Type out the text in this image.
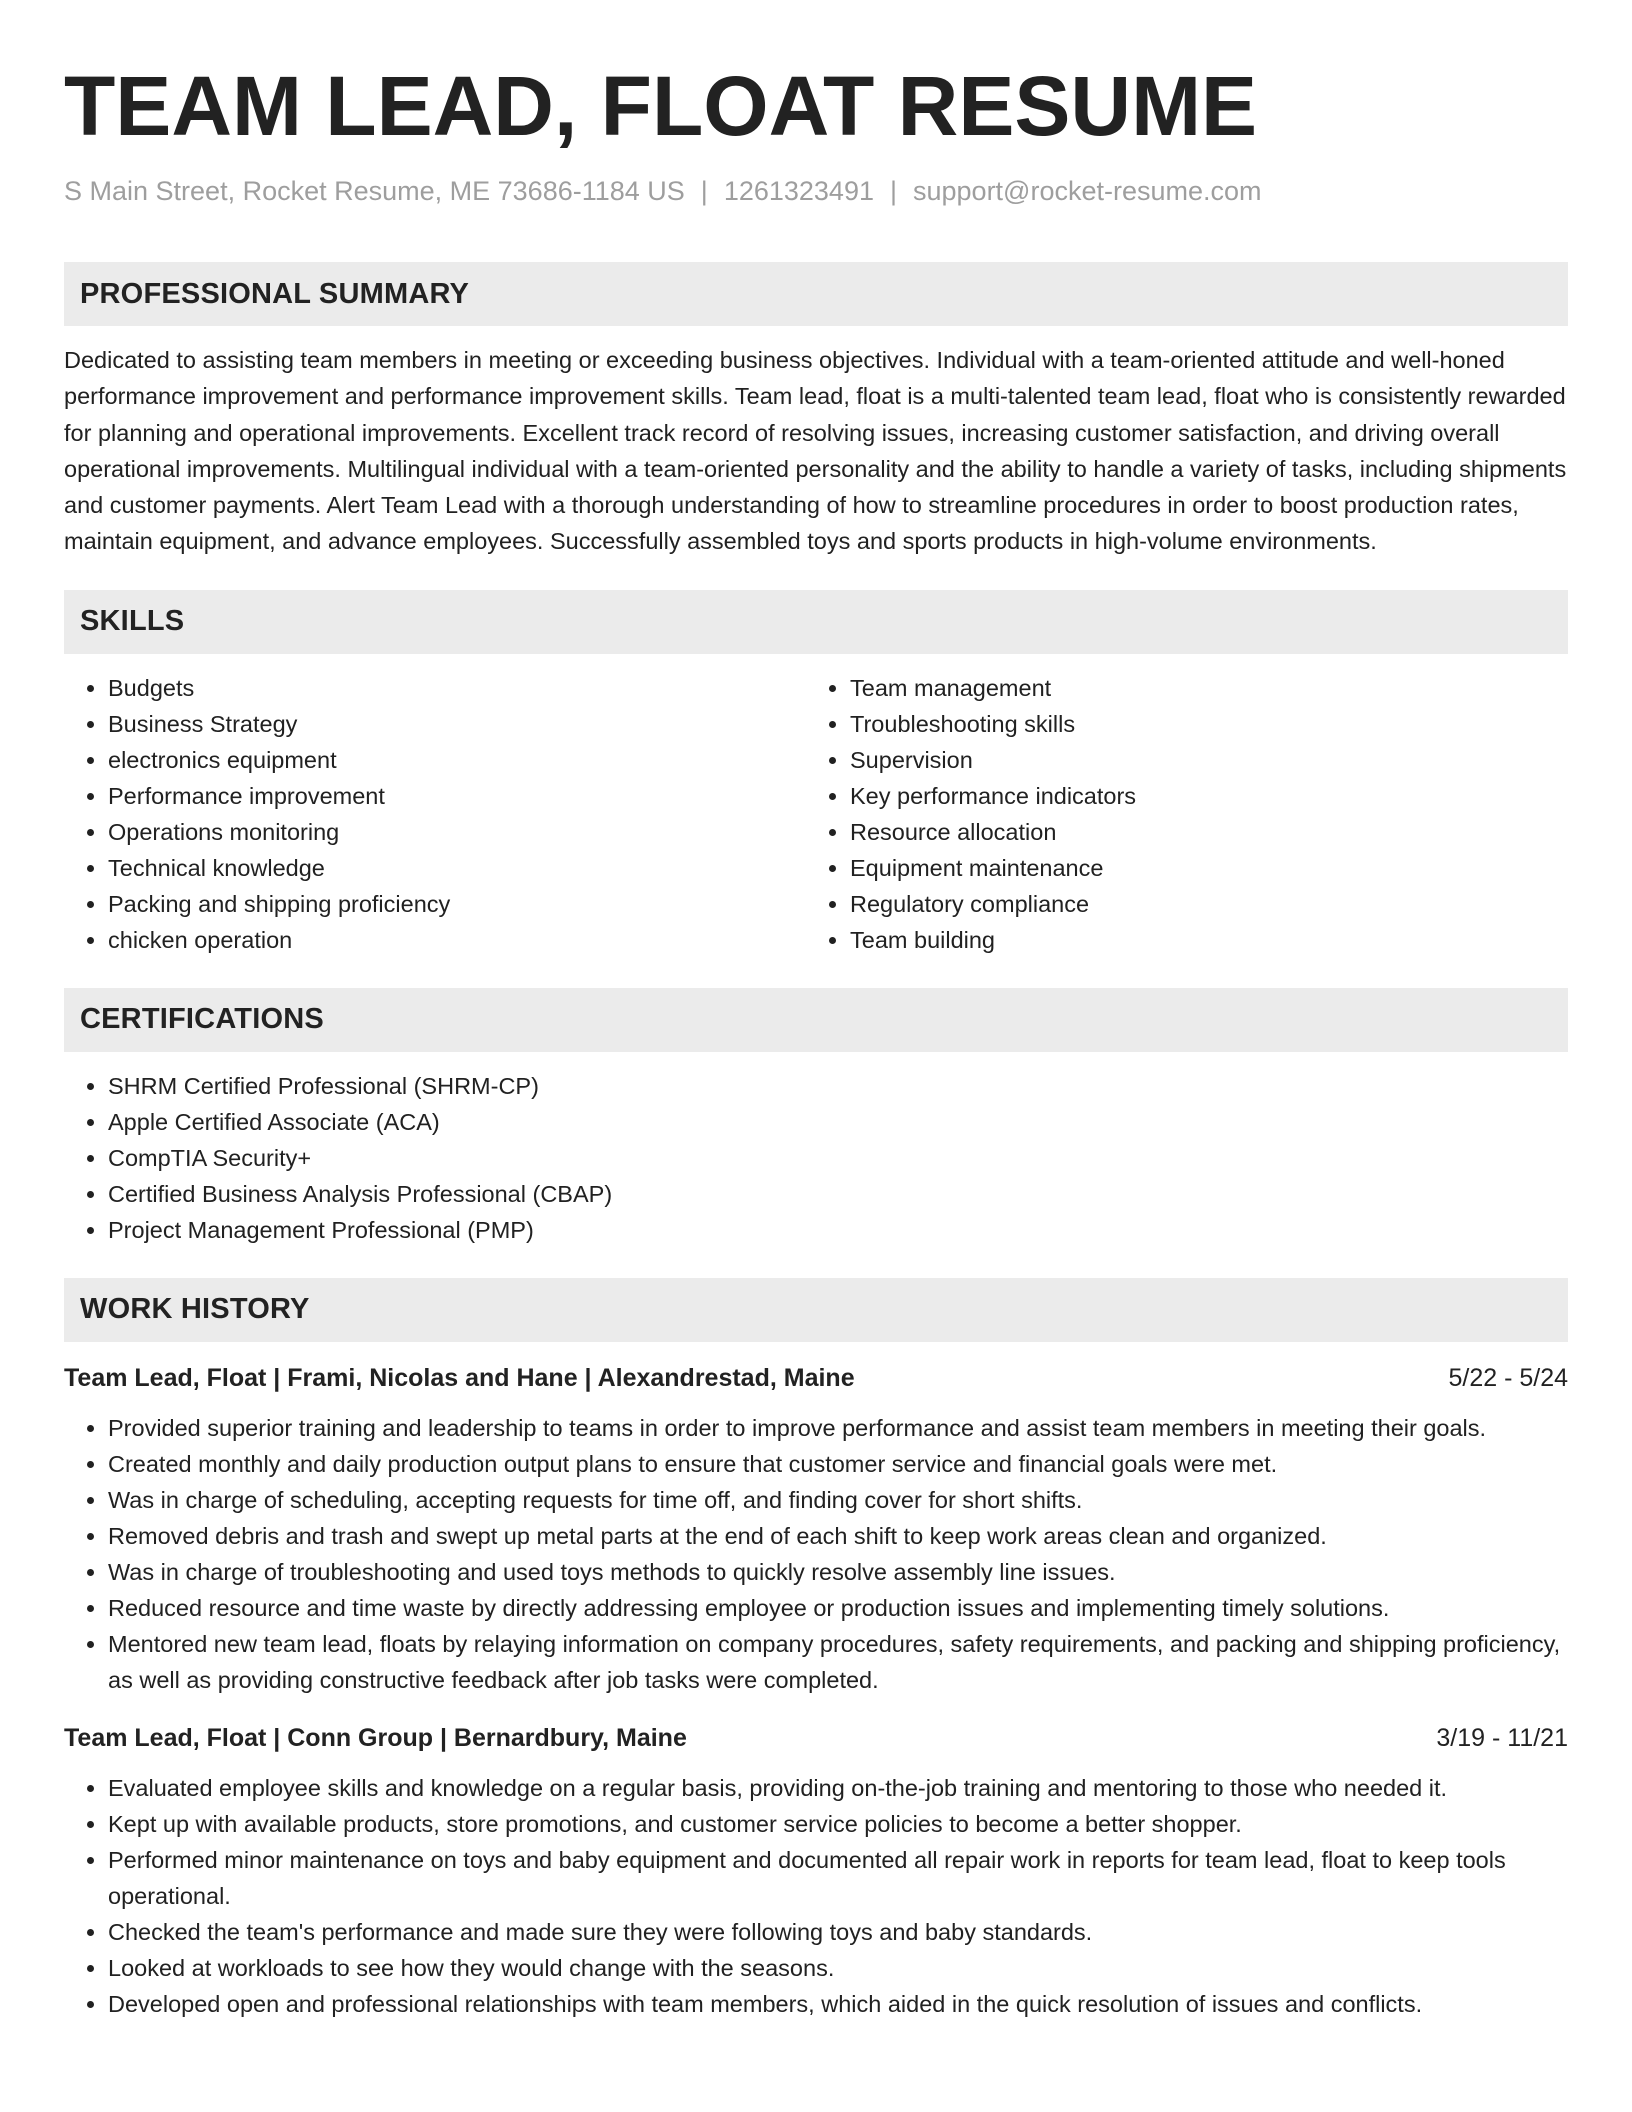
TEAM LEAD, FLOAT RESUME
S Main Street, Rocket Resume, ME 73686-1184 US | 1261323491 | support@rocket-resume.com
PROFESSIONAL SUMMARY

Dedicated to assisting team members in meeting or exceeding business objectives. Individual with a team-oriented attitude and well-honed performance improvement and performance improvement skills. Team lead, float is a multi-talented team lead, float who is consistently rewarded for planning and operational improvements. Excellent track record of resolving issues, increasing customer satisfaction, and driving overall operational improvements. Multilingual individual with a team-oriented personality and the ability to handle a variety of tasks, including shipments and customer payments. Alert Team Lead with a thorough understanding of how to streamline procedures in order to boost production rates, maintain equipment, and advance employees. Successfully assembled toys and sports products in high-volume environments.

SKILLS
• Budgets
• Business Strategy
• electronics equipment
• Performance improvement
• Operations monitoring
• Technical knowledge
• Packing and shipping proficiency
• chicken operation
• Team management
• Troubleshooting skills
• Supervision
• Key performance indicators
• Resource allocation
• Equipment maintenance
• Regulatory compliance
• Team building
CERTIFICATIONS
• SHRM Certified Professional (SHRM-CP)
• Apple Certified Associate (ACA)
• CompTIA Security+
• Certified Business Analysis Professional (CBAP)
• Project Management Professional (PMP)
WORK HISTORY
Team Lead, Float | Frami, Nicolas and Hane | Alexandrestad, Maine	5/22 - 5/24
• Provided superior training and leadership to teams in order to improve performance and assist team members in meeting their goals.
• Created monthly and daily production output plans to ensure that customer service and financial goals were met.
• Was in charge of scheduling, accepting requests for time off, and finding cover for short shifts.
• Removed debris and trash and swept up metal parts at the end of each shift to keep work areas clean and organized.
• Was in charge of troubleshooting and used toys methods to quickly resolve assembly line issues.
• Reduced resource and time waste by directly addressing employee or production issues and implementing timely solutions.
• Mentored new team lead, floats by relaying information on company procedures, safety requirements, and packing and shipping proficiency, as well as providing constructive feedback after job tasks were completed.
Team Lead, Float | Conn Group | Bernardbury, Maine	3/19 - 11/21
• Evaluated employee skills and knowledge on a regular basis, providing on-the-job training and mentoring to those who needed it.
• Kept up with available products, store promotions, and customer service policies to become a better shopper.
• Performed minor maintenance on toys and baby equipment and documented all repair work in reports for team lead, float to keep tools operational.
• Checked the team's performance and made sure they were following toys and baby standards.
• Looked at workloads to see how they would change with the seasons.
• Developed open and professional relationships with team members, which aided in the quick resolution of issues and conflicts.
